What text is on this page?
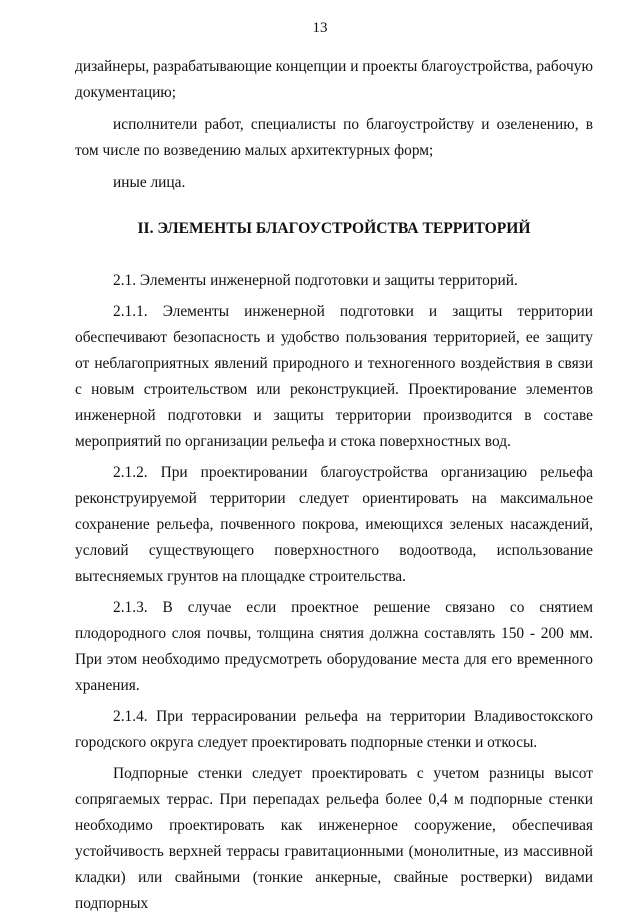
13

дизайнеры, разрабатывающие концепции и проекты благоустройства, рабочую документацию;

исполнители работ, специалисты по благоустройству и озеленению, в том числе по возведению малых архитектурных форм;

иные лица.

II. ЭЛЕМЕНТЫ БЛАГОУСТРОЙСТВА ТЕРРИТОРИЙ

2.1. Элементы инженерной подготовки и защиты территорий.

2.1.1. Элементы инженерной подготовки и защиты территории обеспечивают безопасность и удобство пользования территорией, ее защиту от неблагоприятных явлений природного и техногенного воздействия в связи с новым строительством или реконструкцией. Проектирование элементов инженерной подготовки и защиты территории производится в составе мероприятий по организации рельефа и стока поверхностных вод.

2.1.2. При проектировании благоустройства организацию рельефа реконструируемой территории следует ориентировать на максимальное сохранение рельефа, почвенного покрова, имеющихся зеленых насаждений, условий существующего поверхностного водоотвода, использование вытесняемых грунтов на площадке строительства.

2.1.3. В случае если проектное решение связано со снятием плодородного слоя почвы, толщина снятия должна составлять 150 - 200 мм. При этом необходимо предусмотреть оборудование места для его временного хранения.

2.1.4. При террасировании рельефа на территории Владивостокского городского округа следует проектировать подпорные стенки и откосы.

Подпорные стенки следует проектировать с учетом разницы высот сопрягаемых террас. При перепадах рельефа более 0,4 м подпорные стенки необходимо проектировать как инженерное сооружение, обеспечивая устойчивость верхней террасы гравитационными (монолитные, из массивной кладки) или свайными (тонкие анкерные, свайные ростверки) видами подпорных
